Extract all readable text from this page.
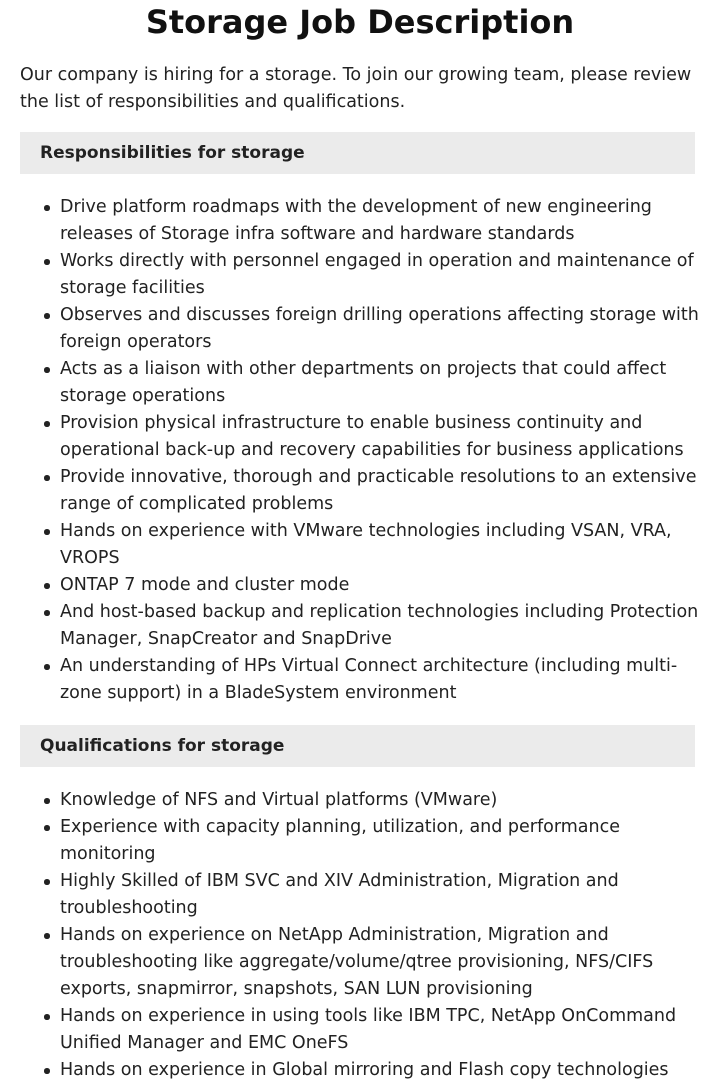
Storage Job Description

Our company is hiring for a storage. To join our growing team, please review the list of responsibilities and qualifications.

Responsibilities for storage
Drive platform roadmaps with the development of new engineering releases of Storage infra software and hardware standards
Works directly with personnel engaged in operation and maintenance of storage facilities
Observes and discusses foreign drilling operations affecting storage with foreign operators
Acts as a liaison with other departments on projects that could affect storage operations
Provision physical infrastructure to enable business continuity and operational back-up and recovery capabilities for business applications
Provide innovative, thorough and practicable resolutions to an extensive range of complicated problems
Hands on experience with VMware technologies including VSAN, VRA, VROPS
ONTAP 7 mode and cluster mode
And host-based backup and replication technologies including Protection Manager, SnapCreator and SnapDrive
An understanding of HPs Virtual Connect architecture (including multi-zone support) in a BladeSystem environment
Qualifications for storage
Knowledge of NFS and Virtual platforms (VMware)
Experience with capacity planning, utilization, and performance monitoring
Highly Skilled of IBM SVC and XIV Administration, Migration and troubleshooting
Hands on experience on NetApp Administration, Migration and troubleshooting like aggregate/volume/qtree provisioning, NFS/CIFS exports, snapmirror, snapshots, SAN LUN provisioning
Hands on experience in using tools like IBM TPC, NetApp OnCommand Unified Manager and EMC OneFS
Hands on experience in Global mirroring and Flash copy technologies
